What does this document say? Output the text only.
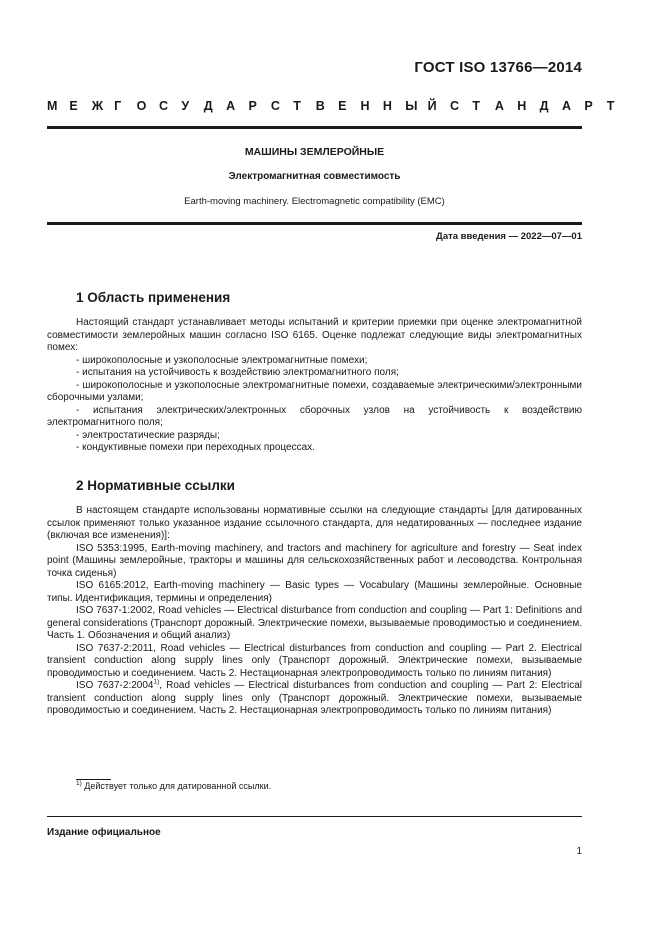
ГОСТ ISO 13766—2014
М Е	Ж Г	О	С	У	Д	А	Р	С	Т	В	Е	Н	Н	Ы Й	С	Т	А	Н	Д	А	Р	Т
МАШИНЫ ЗЕМЛЕРОЙНЫЕ
Электромагнитная совместимость
Earth-moving machinery. Electromagnetic compatibility (EMC)
Дата введения — 2022—07—01
1 Область применения

Настоящий стандарт устанавливает методы испытаний и критерии приемки при оценке электромагнитной совместимости землеройных машин согласно ISO 6165. Оценке подлежат следующие виды электромагнитных помех:

- широкополосные и узкополосные электромагнитные помехи;

- испытания на устойчивость к воздействию электромагнитного поля;

- широкополосные и узкополосные электромагнитные помехи, создаваемые электрическими/электронными сборочными узлами;

- испытания электрических/электронных сборочных узлов на устойчивость к воздействию электромагнитного поля;

- электростатические разряды;

- кондуктивные помехи при переходных процессах.

2 Нормативные ссылки

В настоящем стандарте использованы нормативные ссылки на следующие стандарты [для датированных ссылок применяют только указанное издание ссылочного стандарта, для недатированных — последнее издание (включая все изменения)]:

ISO 5353:1995, Earth-moving machinery, and tractors and machinery for agriculture and forestry — Seat index point (Машины землеройные, тракторы и машины для сельскохозяйственных работ и лесоводства. Контрольная точка сиденья)

ISO 6165:2012, Earth-moving machinery — Basic types — Vocabulary (Машины землеройные. Основные типы. Идентификация, термины и определения)

ISO 7637-1:2002, Road vehicles — Electrical disturbance from conduction and coupling — Part 1: Definitions and general considerations (Транспорт дорожный. Электрические помехи, вызываемые проводимостью и соединением. Часть 1. Обозначения и общий анализ)

ISO 7637-2:2011, Road vehicles — Electrical disturbances from conduction and coupling — Part 2. Electrical transient conduction along supply lines only (Транспорт дорожный. Электрические помехи, вызываемые проводимостью и соединением. Часть 2. Нестационарная электропроводимость только по линиям питания)

ISO 7637-2:2004$^{1)}$, Road vehicles — Electrical disturbances from conduction and coupling — Part 2: Electrical transient conduction along supply lines only (Транспорт дорожный. Электрические помехи, вызываемые проводимостью и соединением. Часть 2. Нестационарная электропроводимость только по линиям питания)

$^{1)}$ Действует только для датированной ссылки.
Издание официальное
1
